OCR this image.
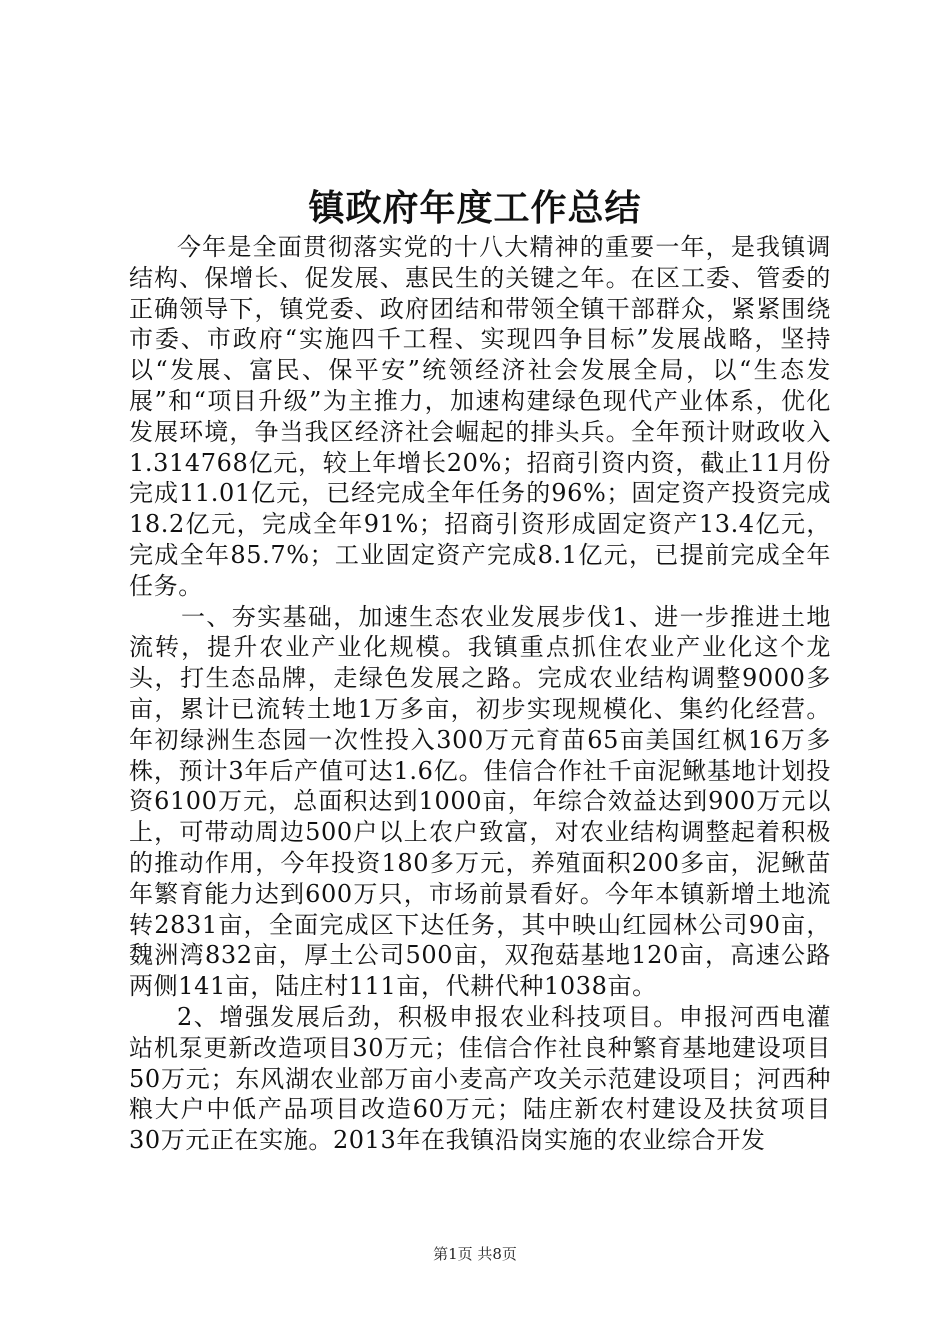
镇政府年度工作总结

今年是全面贯彻落实党的十八大精神的重要一年，是我镇调结构、保增长、促发展、惠民生的关键之年。在区工委、管委的正确领导下，镇党委、政府团结和带领全镇干部群众，紧紧围绕市委、市政府“实施四千工程、实现四争目标”发展战略，坚持以“发展、富民、保平安”统领经济社会发展全局，以“生态发展”和“项目升级”为主推力，加速构建绿色现代产业体系，优化发展环境，争当我区经济社会崛起的排头兵。全年预计财政收入1.314768亿元，较上年增长20%；招商引资内资，截止11月份完成11.01亿元，已经完成全年任务的96%；固定资产投资完成18.2亿元，完成全年91%；招商引资形成固定资产13.4亿元，完成全年85.7%；工业固定资产完成8.1亿元，已提前完成全年任务。

一、夯实基础，加速生态农业发展步伐1、进一步推进土地流转，提升农业产业化规模。我镇重点抓住农业产业化这个龙头，打生态品牌，走绿色发展之路。完成农业结构调整9000多亩，累计已流转土地1万多亩，初步实现规模化、集约化经营。年初绿洲生态园一次性投入300万元育苗65亩美国红枫16万多株，预计3年后产值可达1.6亿。佳信合作社千亩泥鳅基地计划投资6100万元，总面积达到1000亩，年综合效益达到900万元以上，可带动周边500户以上农户致富，对农业结构调整起着积极的推动作用，今年投资180多万元，养殖面积200多亩，泥鳅苗年繁育能力达到600万只，市场前景看好。今年本镇新增土地流转2831亩，全面完成区下达任务，其中映山红园林公司90亩，魏洲湾832亩，厚土公司500亩，双孢菇基地120亩，高速公路两侧141亩，陆庄村111亩，代耕代种1038亩。

2、增强发展后劲，积极申报农业科技项目。申报河西电灌站机泵更新改造项目30万元；佳信合作社良种繁育基地建设项目50万元；东风湖农业部万亩小麦高产攻关示范建设项目；河西种粮大户中低产品项目改造60万元；陆庄新农村建设及扶贫项目30万元正在实施。2013年在我镇沿岗实施的农业综合开发

第1页 共8页
